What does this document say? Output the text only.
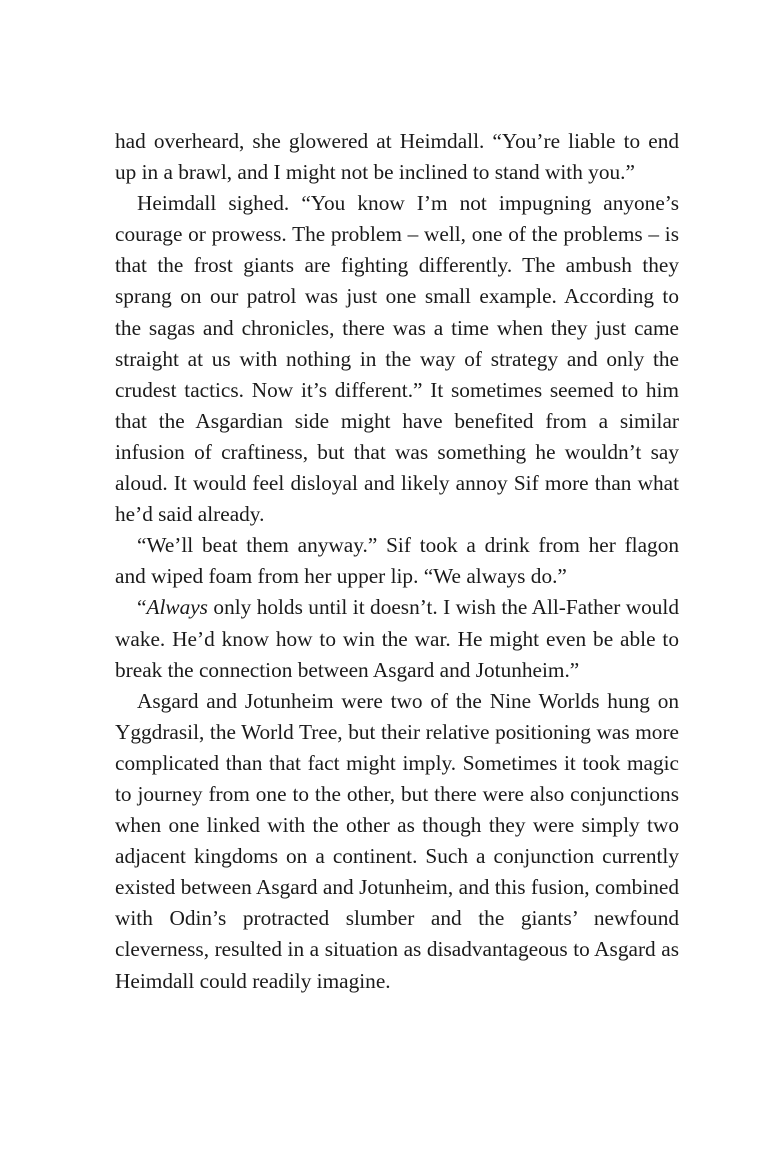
had overheard, she glowered at Heimdall. “You’re liable to end up in a brawl, and I might not be inclined to stand with you.”

Heimdall sighed. “You know I’m not impugning anyone’s courage or prowess. The problem – well, one of the problems – is that the frost giants are fighting differently. The ambush they sprang on our patrol was just one small example. According to the sagas and chronicles, there was a time when they just came straight at us with nothing in the way of strategy and only the crudest tactics. Now it’s different.” It sometimes seemed to him that the Asgardian side might have benefited from a similar infusion of craftiness, but that was something he wouldn’t say aloud. It would feel disloyal and likely annoy Sif more than what he’d said already.

“We’ll beat them anyway.” Sif took a drink from her flagon and wiped foam from her upper lip. “We always do.”

“Always only holds until it doesn’t. I wish the All-Father would wake. He’d know how to win the war. He might even be able to break the connection between Asgard and Jotunheim.”

Asgard and Jotunheim were two of the Nine Worlds hung on Yggdrasil, the World Tree, but their relative positioning was more complicated than that fact might imply. Sometimes it took magic to journey from one to the other, but there were also conjunctions when one linked with the other as though they were simply two adjacent kingdoms on a continent. Such a conjunction currently existed between Asgard and Jotunheim, and this fusion, combined with Odin’s protracted slumber and the giants’ newfound cleverness, resulted in a situation as disadvantageous to Asgard as Heimdall could readily imagine.
